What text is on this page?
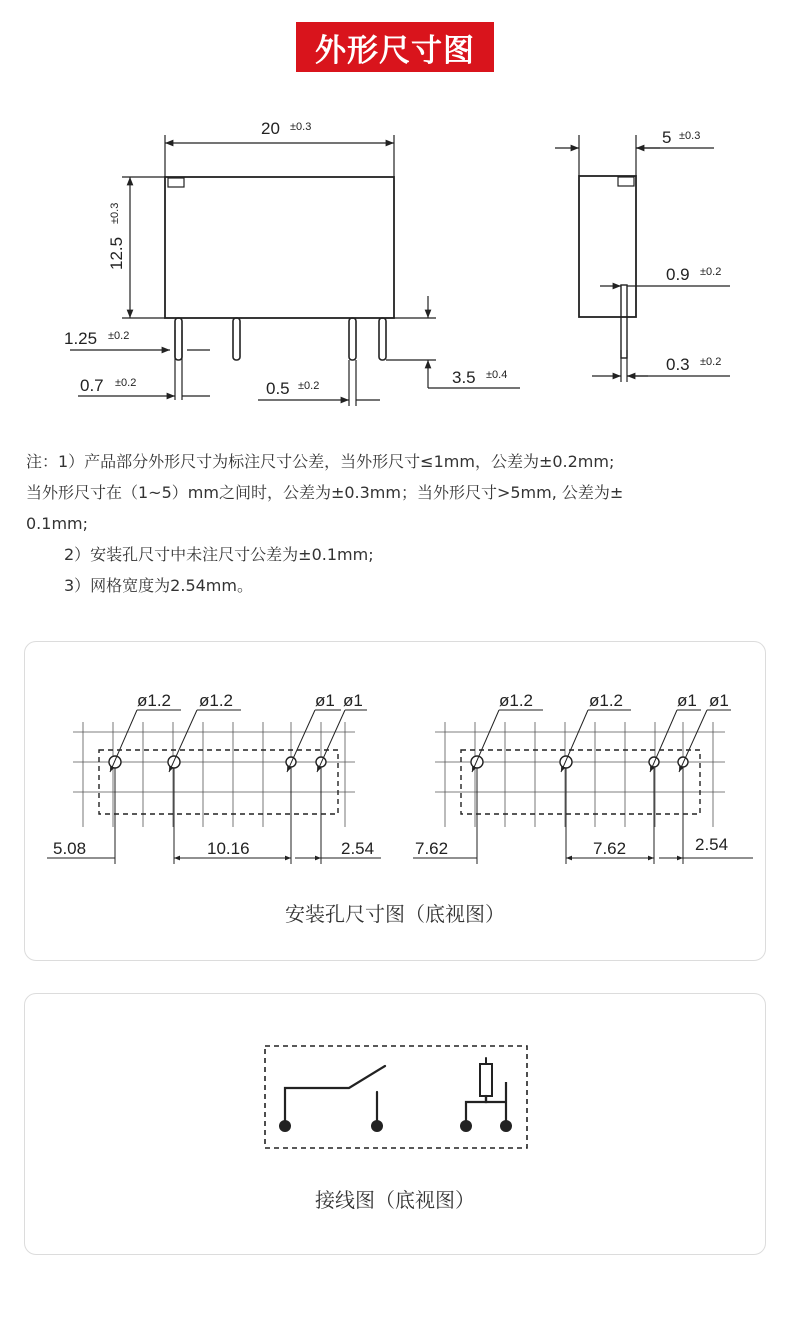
外形尺寸图
20 ±0.3
12.5
±0.3
1.25 ±0.2
0.7 ±0.2	0.5 ±0.2	3.5 ±0.4
5 ±0.3
0.9 ±0.2
0.3 ±0.2

注：1）产品部分外形尺寸为标注尺寸公差，当外形尺寸≤1mm，公差为±0.2mm;

当外形尺寸在（1~5）mm之间时，公差为±0.3mm；当外形尺寸>5mm, 公差为±

0.1mm;

2）安装孔尺寸中未注尺寸公差为±0.1mm;

3）网格宽度为2.54mm。

ø1.2 ø1.2	ø1 ø1
5.08	10.16	2.54
ø1.2	ø1.2	ø1 ø1
7.62	7.62	2.54
安装孔尺寸图（底视图）
接线图（底视图）
